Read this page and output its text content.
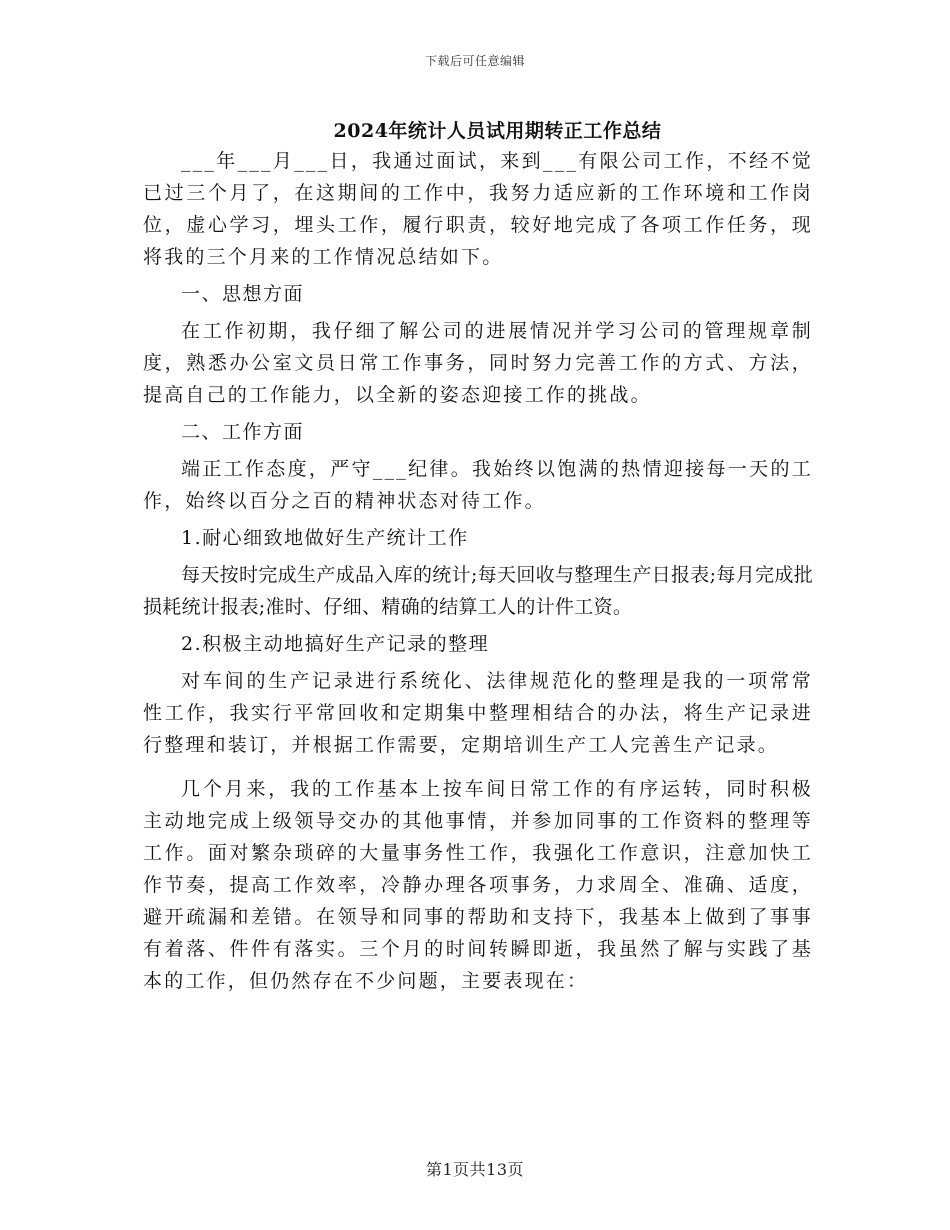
下载后可任意编辑
2024年统计人员试用期转正工作总结

___年___月___日，我通过面试，来到___有限公司工作，不经不觉已过三个月了，在这期间的工作中，我努力适应新的工作环境和工作岗位，虚心学习，埋头工作，履行职责，较好地完成了各项工作任务，现将我的三个月来的工作情况总结如下。

一、思想方面

在工作初期，我仔细了解公司的进展情况并学习公司的管理规章制度，熟悉办公室文员日常工作事务，同时努力完善工作的方式、方法，提高自己的工作能力，以全新的姿态迎接工作的挑战。

二、工作方面

端正工作态度，严守___纪律。我始终以饱满的热情迎接每一天的工作，始终以百分之百的精神状态对待工作。

1.耐心细致地做好生产统计工作

每天按时完成生产成品入库的统计;每天回收与整理生产日报表;每月完成批损耗统计报表;准时、仔细、精确的结算工人的计件工资。

2.积极主动地搞好生产记录的整理

对车间的生产记录进行系统化、法律规范化的整理是我的一项常常性工作，我实行平常回收和定期集中整理相结合的办法，将生产记录进行整理和装订，并根据工作需要，定期培训生产工人完善生产记录。

几个月来，我的工作基本上按车间日常工作的有序运转，同时积极主动地完成上级领导交办的其他事情，并参加同事的工作资料的整理等工作。面对繁杂琐碎的大量事务性工作，我强化工作意识，注意加快工作节奏，提高工作效率，冷静办理各项事务，力求周全、准确、适度，避开疏漏和差错。在领导和同事的帮助和支持下，我基本上做到了事事有着落、件件有落实。三个月的时间转瞬即逝，我虽然了解与实践了基本的工作，但仍然存在不少问题，主要表现在：

第1页共13页
